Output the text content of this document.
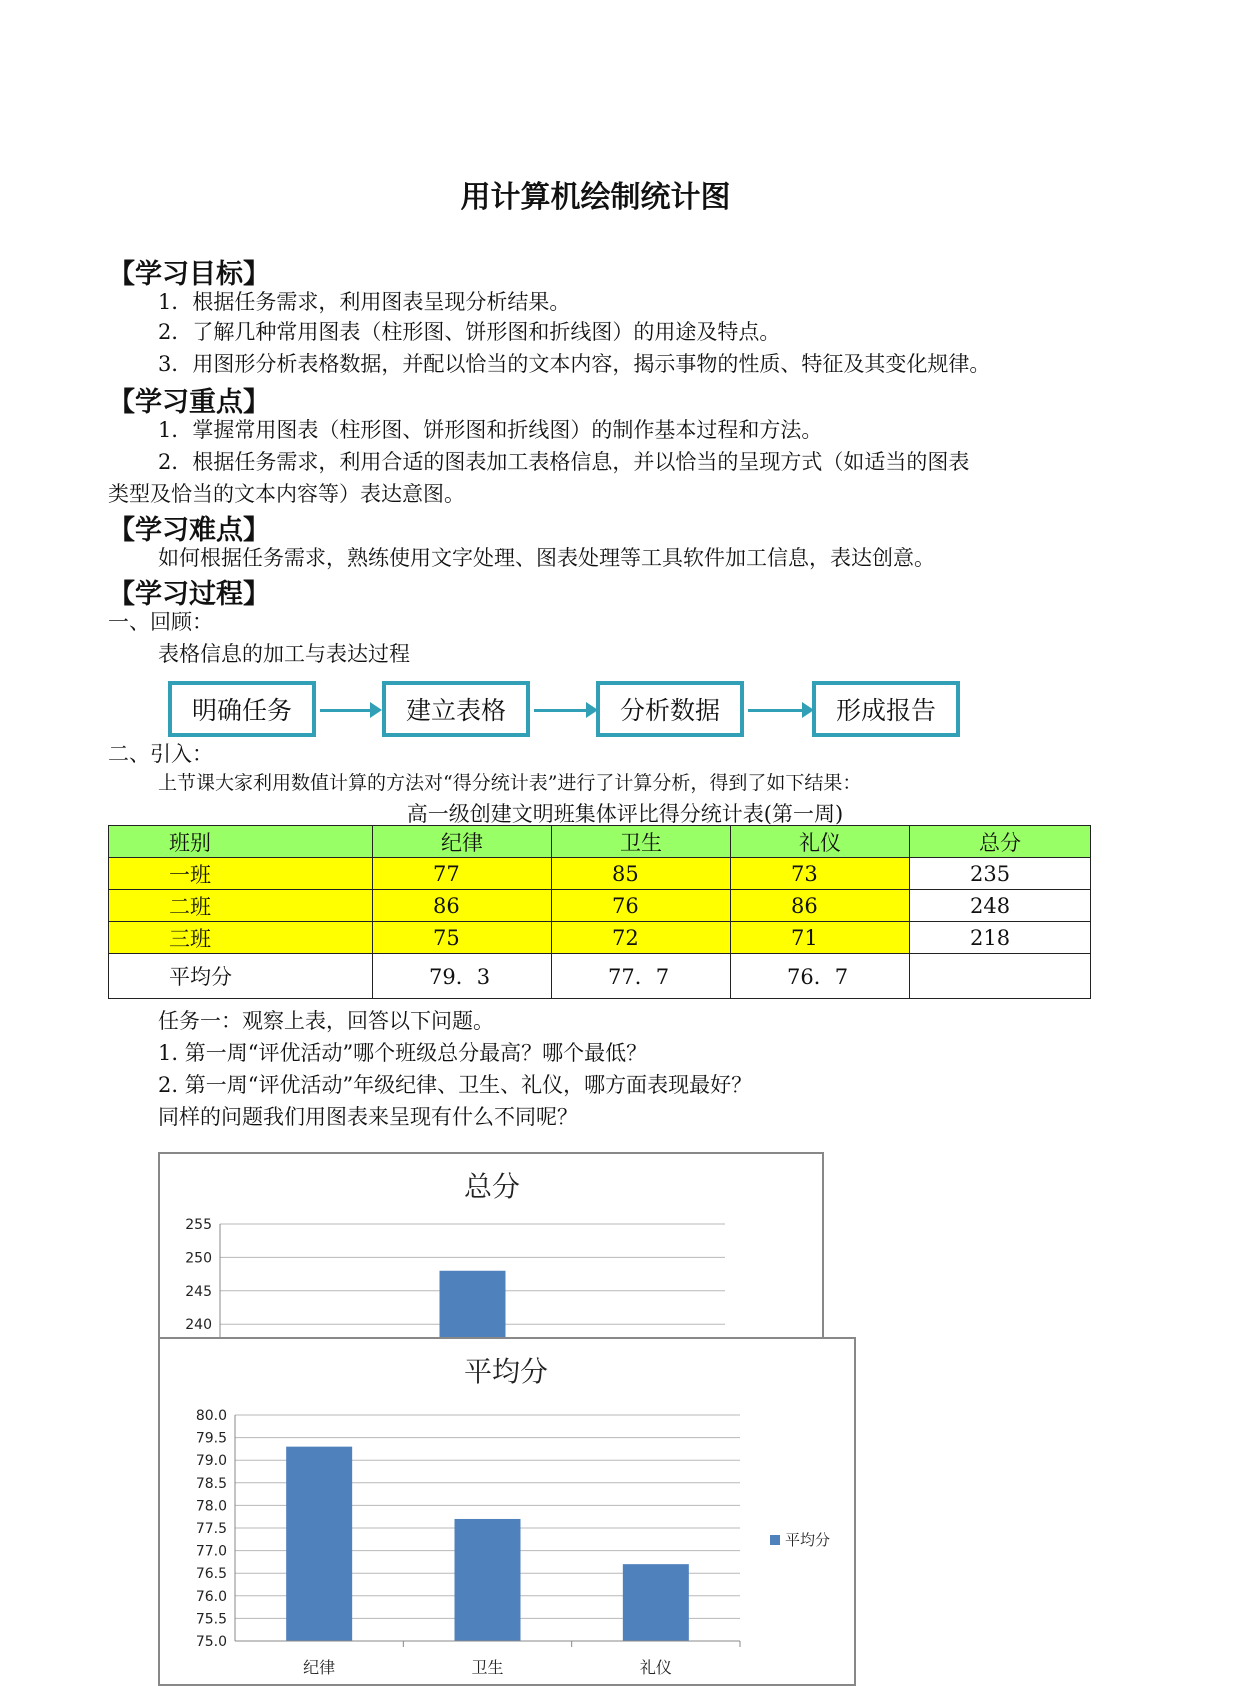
用计算机绘制统计图
【学习目标】
1．根据任务需求，利用图表呈现分析结果。
2．了解几种常用图表（柱形图、饼形图和折线图）的用途及特点。
3．用图形分析表格数据，并配以恰当的文本内容，揭示事物的性质、特征及其变化规律。
【学习重点】
1．掌握常用图表（柱形图、饼形图和折线图）的制作基本过程和方法。
2．根据任务需求，利用合适的图表加工表格信息，并以恰当的呈现方式（如适当的图表
类型及恰当的文本内容等）表达意图。
【学习难点】
如何根据任务需求，熟练使用文字处理、图表处理等工具软件加工信息，表达创意。
【学习过程】
一、回顾：
表格信息的加工与表达过程
明确任务	建立表格	分析数据	形成报告
二、引入：
上节课大家利用数值计算的方法对“得分统计表”进行了计算分析，得到了如下结果：
高一级创建文明班集体评比得分统计表(第一周)
班别	纪律	卫生	礼仪	总分
一班	77	85	73	235
二班	86	76	86	248
三班	75	72	71	218
平均分	79．3	77．7	76．7	
任务一：观察上表，回答以下问题。
1. 第一周“评优活动”哪个班级总分最高？哪个最低？
2. 第一周“评优活动”年级纪律、卫生、礼仪，哪方面表现最好？
同样的问题我们用图表来呈现有什么不同呢？
总分
230
235
240
245
250
255
平均分
75.0
75.5
76.0
76.5
77.0
77.5
78.0
78.5
79.0
79.5
80.0
纪律	卫生	礼仪
平均分
